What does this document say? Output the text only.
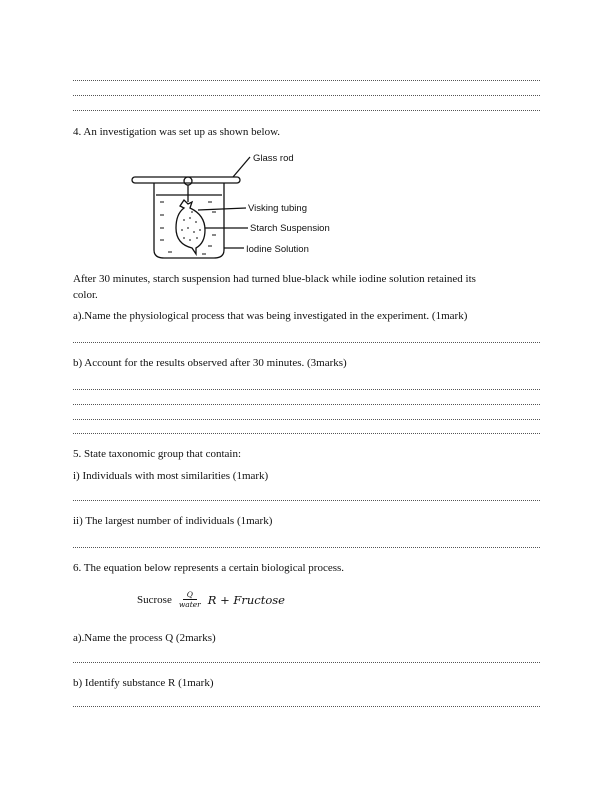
4. An investigation was set up as shown below.
Glass rod
Visking tubing
Starch Suspension
Iodine Solution
After 30 minutes, starch suspension had turned blue-black while iodine solution retained its
color.
a).Name the physiological process that was being investigated in the experiment. (1mark)
b) Account for the results observed after 30 minutes. (3marks)
5. State taxonomic group that contain:
i) Individuals with most similarities (1mark)
ii) The largest number of individuals (1mark)
6. The equation below represents a certain biological process.
Sucrose $\frac{Q}{\text{water}}$ R + Fructose
a).Name the process Q (2marks)
b) Identify substance R (1mark)
